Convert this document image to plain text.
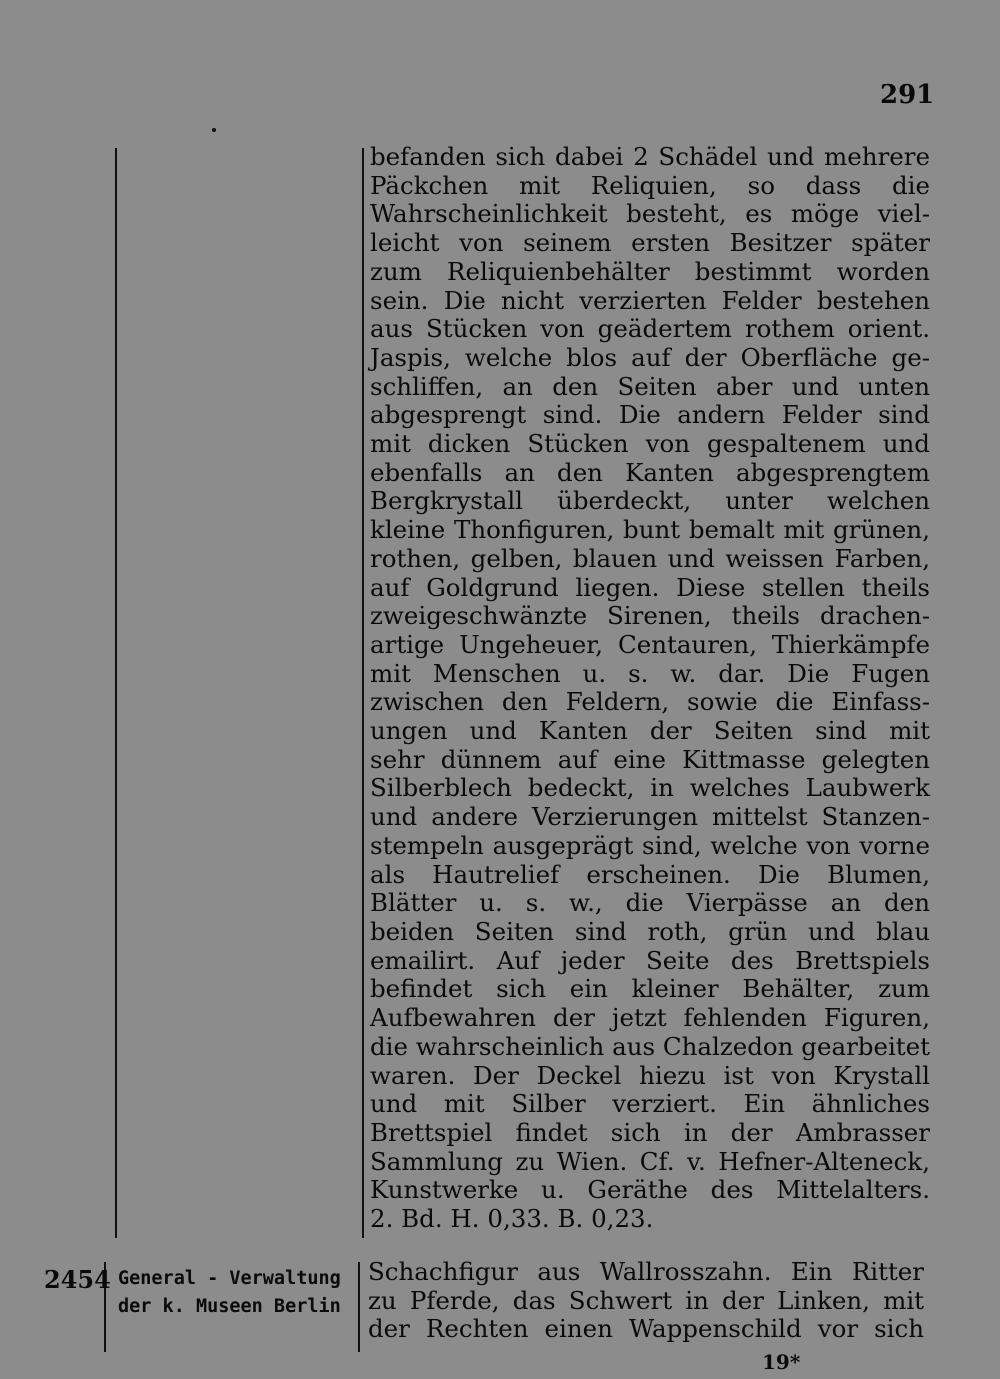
291
befanden sich dabei 2 Schädel und mehrere
Päckchen mit Reliquien, so dass die
Wahrscheinlichkeit besteht, es möge viel-
leicht von seinem ersten Besitzer später
zum Reliquienbehälter bestimmt worden
sein. Die nicht verzierten Felder bestehen
aus Stücken von geädertem rothem orient.
Jaspis, welche blos auf der Oberfläche ge-
schliffen, an den Seiten aber und unten
abgesprengt sind. Die andern Felder sind
mit dicken Stücken von gespaltenem und
ebenfalls an den Kanten abgesprengtem
Bergkrystall überdeckt, unter welchen
kleine Thonfiguren, bunt bemalt mit grünen,
rothen, gelben, blauen und weissen Farben,
auf Goldgrund liegen. Diese stellen theils
zweigeschwänzte Sirenen, theils drachen-
artige Ungeheuer, Centauren, Thierkämpfe
mit Menschen u. s. w. dar. Die Fugen
zwischen den Feldern, sowie die Einfass-
ungen und Kanten der Seiten sind mit
sehr dünnem auf eine Kittmasse gelegten
Silberblech bedeckt, in welches Laubwerk
und andere Verzierungen mittelst Stanzen-
stempeln ausgeprägt sind, welche von vorne
als Hautrelief erscheinen. Die Blumen,
Blätter u. s. w., die Vierpässe an den
beiden Seiten sind roth, grün und blau
emailirt. Auf jeder Seite des Brettspiels
befindet sich ein kleiner Behälter, zum
Aufbewahren der jetzt fehlenden Figuren,
die wahrscheinlich aus Chalzedon gearbeitet
waren. Der Deckel hiezu ist von Krystall
und mit Silber verziert. Ein ähnliches
Brettspiel findet sich in der Ambrasser
Sammlung zu Wien. Cf. v. Hefner-Alteneck,
Kunstwerke u. Geräthe des Mittelalters.
2. Bd. H. 0,33. B. 0,23.
2454 General - Verwaltung
der k. Museen Berlin
Schachfigur aus Wallrosszahn. Ein Ritter
zu Pferde, das Schwert in der Linken, mit
der Rechten einen Wappenschild vor sich
19*
